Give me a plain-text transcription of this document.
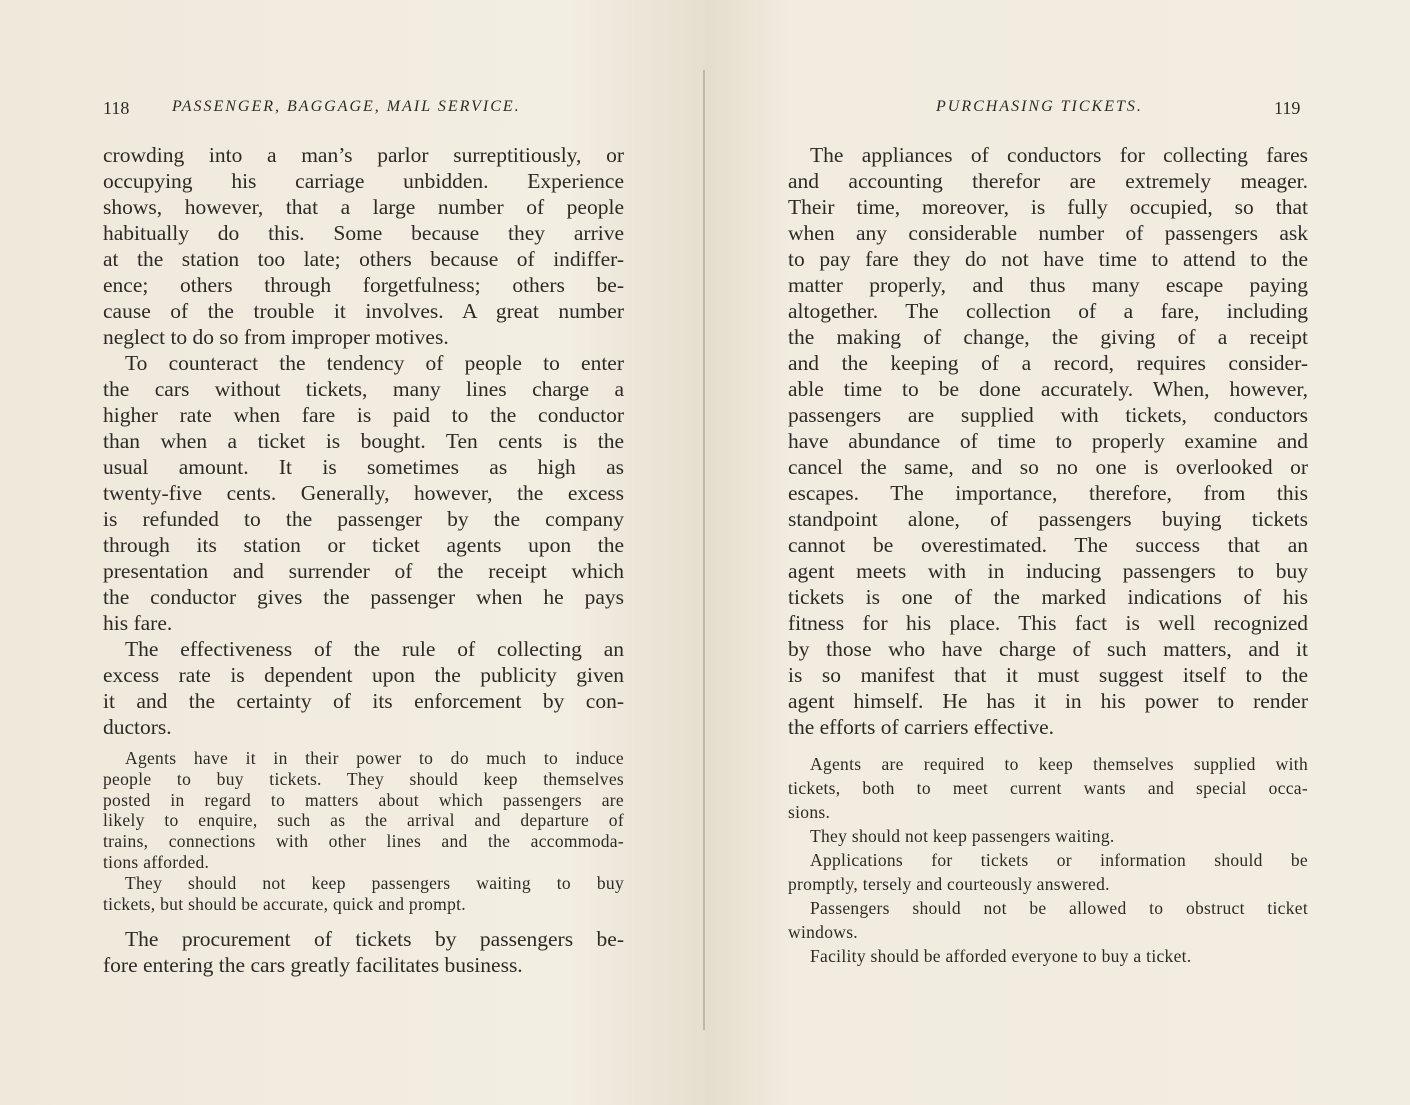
118	PASSENGER, BAGGAGE, MAIL SERVICE.
crowding into a man’s parlor surreptitiously, or
occupying his carriage unbidden. Experience
shows, however, that a large number of people
habitually do this. Some because they arrive
at the station too late; others because of indiffer-
ence; others through forgetfulness; others be-
cause of the trouble it involves. A great number
neglect to do so from improper motives.
To counteract the tendency of people to enter
the cars without tickets, many lines charge a
higher rate when fare is paid to the conductor
than when a ticket is bought. Ten cents is the
usual amount. It is sometimes as high as
twenty-five cents. Generally, however, the excess
is refunded to the passenger by the company
through its station or ticket agents upon the
presentation and surrender of the receipt which
the conductor gives the passenger when he pays
his fare.
The effectiveness of the rule of collecting an
excess rate is dependent upon the publicity given
it and the certainty of its enforcement by con-
ductors.
Agents have it in their power to do much to induce
people to buy tickets. They should keep themselves
posted in regard to matters about which passengers are
likely to enquire, such as the arrival and departure of
trains, connections with other lines and the accommoda-
tions afforded.
They should not keep passengers waiting to buy
tickets, but should be accurate, quick and prompt.
The procurement of tickets by passengers be-
fore entering the cars greatly facilitates business.
PURCHASING TICKETS.	119
The appliances of conductors for collecting fares
and accounting therefor are extremely meager.
Their time, moreover, is fully occupied, so that
when any considerable number of passengers ask
to pay fare they do not have time to attend to the
matter properly, and thus many escape paying
altogether. The collection of a fare, including
the making of change, the giving of a receipt
and the keeping of a record, requires consider-
able time to be done accurately. When, however,
passengers are supplied with tickets, conductors
have abundance of time to properly examine and
cancel the same, and so no one is overlooked or
escapes. The importance, therefore, from this
standpoint alone, of passengers buying tickets
cannot be overestimated. The success that an
agent meets with in inducing passengers to buy
tickets is one of the marked indications of his
fitness for his place. This fact is well recognized
by those who have charge of such matters, and it
is so manifest that it must suggest itself to the
agent himself. He has it in his power to render
the efforts of carriers effective.
Agents are required to keep themselves supplied with
tickets, both to meet current wants and special occa-
sions.
They should not keep passengers waiting.
Applications for tickets or information should be
promptly, tersely and courteously answered.
Passengers should not be allowed to obstruct ticket
windows.
Facility should be afforded everyone to buy a ticket.
